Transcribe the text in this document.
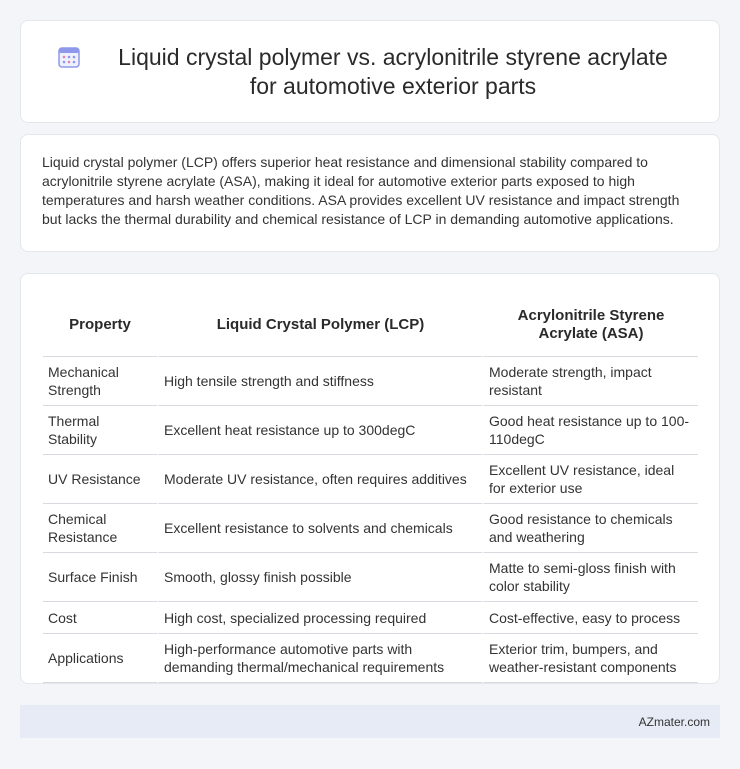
Liquid crystal polymer vs. acrylonitrile styrene acrylate for automotive exterior parts

Liquid crystal polymer (LCP) offers superior heat resistance and dimensional stability compared to acrylonitrile styrene acrylate (ASA), making it ideal for automotive exterior parts exposed to high temperatures and harsh weather conditions. ASA provides excellent UV resistance and impact strength but lacks the thermal durability and chemical resistance of LCP in demanding automotive applications.

Property	Liquid Crystal Polymer (LCP)	Acrylonitrile Styrene Acrylate (ASA)
Mechanical Strength	High tensile strength and stiffness	Moderate strength, impact resistant
Thermal Stability	Excellent heat resistance up to 300degC	Good heat resistance up to 100-110degC
UV Resistance	Moderate UV resistance, often requires additives	Excellent UV resistance, ideal for exterior use
Chemical Resistance	Excellent resistance to solvents and chemicals	Good resistance to chemicals and weathering
Surface Finish	Smooth, glossy finish possible	Matte to semi-gloss finish with color stability
Cost	High cost, specialized processing required	Cost-effective, easy to process
Applications	High-performance automotive parts with demanding thermal/mechanical requirements	Exterior trim, bumpers, and weather-resistant components
AZmater.com
